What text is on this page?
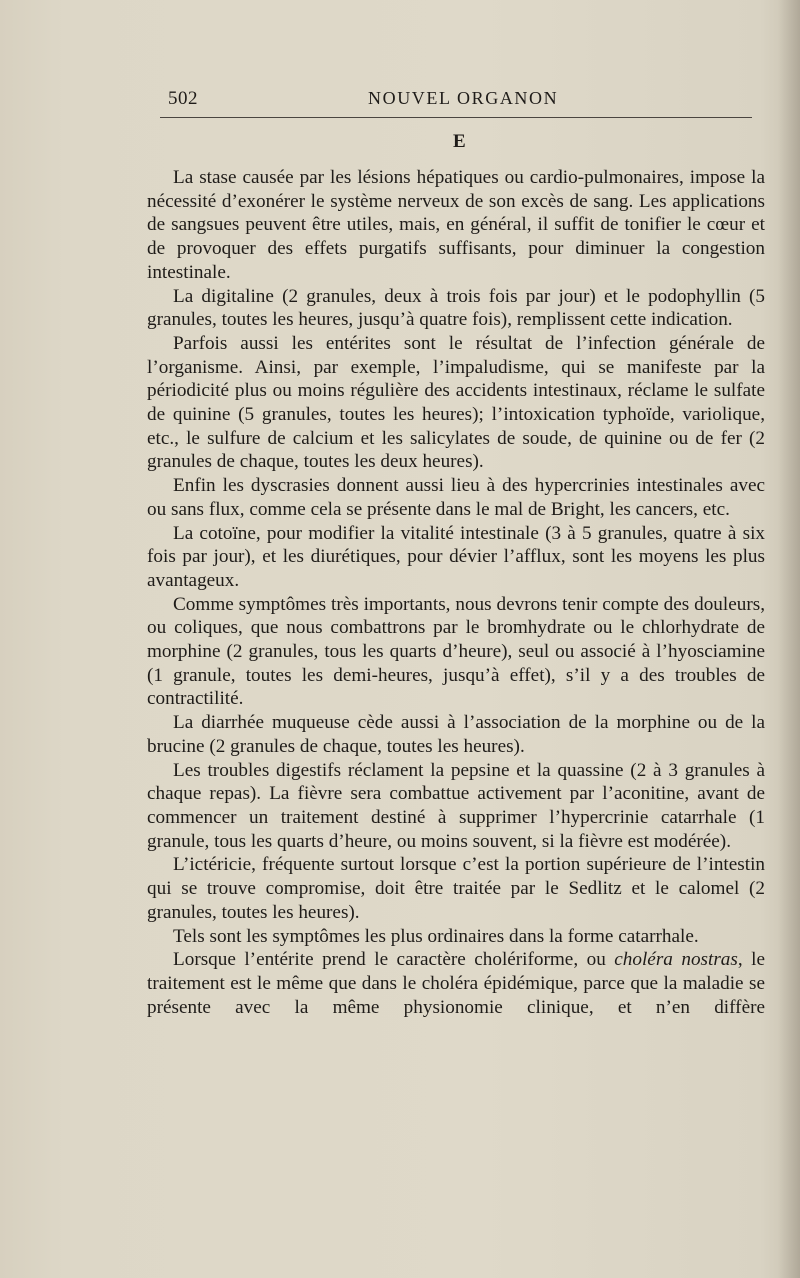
502	NOUVEL ORGANON
E

La stase causée par les lésions hépatiques ou cardio-pulmonaires, impose la nécessité d’exonérer le système nerveux de son excès de sang. Les applications de sangsues peuvent être utiles, mais, en général, il suffit de tonifier le cœur et de provoquer des effets purgatifs suffisants, pour diminuer la congestion intestinale.

La digitaline (2 granules, deux à trois fois par jour) et le podophyllin (5 granules, toutes les heures, jusqu’à quatre fois), remplissent cette indication.

Parfois aussi les entérites sont le résultat de l’infection générale de l’organisme. Ainsi, par exemple, l’impaludisme, qui se manifeste par la périodicité plus ou moins régulière des accidents intestinaux, réclame le sulfate de quinine (5 granules, toutes les heures); l’intoxication typhoïde, variolique, etc., le sulfure de calcium et les salicylates de soude, de quinine ou de fer (2 granules de chaque, toutes les deux heures).

Enfin les dyscrasies donnent aussi lieu à des hypercrinies intestinales avec ou sans flux, comme cela se présente dans le mal de Bright, les cancers, etc.

La cotoïne, pour modifier la vitalité intestinale (3 à 5 granules, quatre à six fois par jour), et les diurétiques, pour dévier l’afflux, sont les moyens les plus avantageux.

Comme symptômes très importants, nous devrons tenir compte des douleurs, ou coliques, que nous combattrons par le bromhydrate ou le chlorhydrate de morphine (2 granules, tous les quarts d’heure), seul ou associé à l’hyosciamine (1 granule, toutes les demi-heures, jusqu’à effet), s’il y a des troubles de contractilité.

La diarrhée muqueuse cède aussi à l’association de la morphine ou de la brucine (2 granules de chaque, toutes les heures).

Les troubles digestifs réclament la pepsine et la quassine (2 à 3 granules à chaque repas). La fièvre sera combattue activement par l’aconitine, avant de commencer un traitement destiné à supprimer l’hypercrinie catarrhale (1 granule, tous les quarts d’heure, ou moins souvent, si la fièvre est modérée).

L’ictéricie, fréquente surtout lorsque c’est la portion supérieure de l’intestin qui se trouve compromise, doit être traitée par le Sedlitz et le calomel (2 granules, toutes les heures).

Tels sont les symptômes les plus ordinaires dans la forme catarrhale.

Lorsque l’entérite prend le caractère cholériforme, ou choléra nostras, le traitement est le même que dans le choléra épidémique, parce que la maladie se présente avec la même physionomie clinique, et n’en diffère
